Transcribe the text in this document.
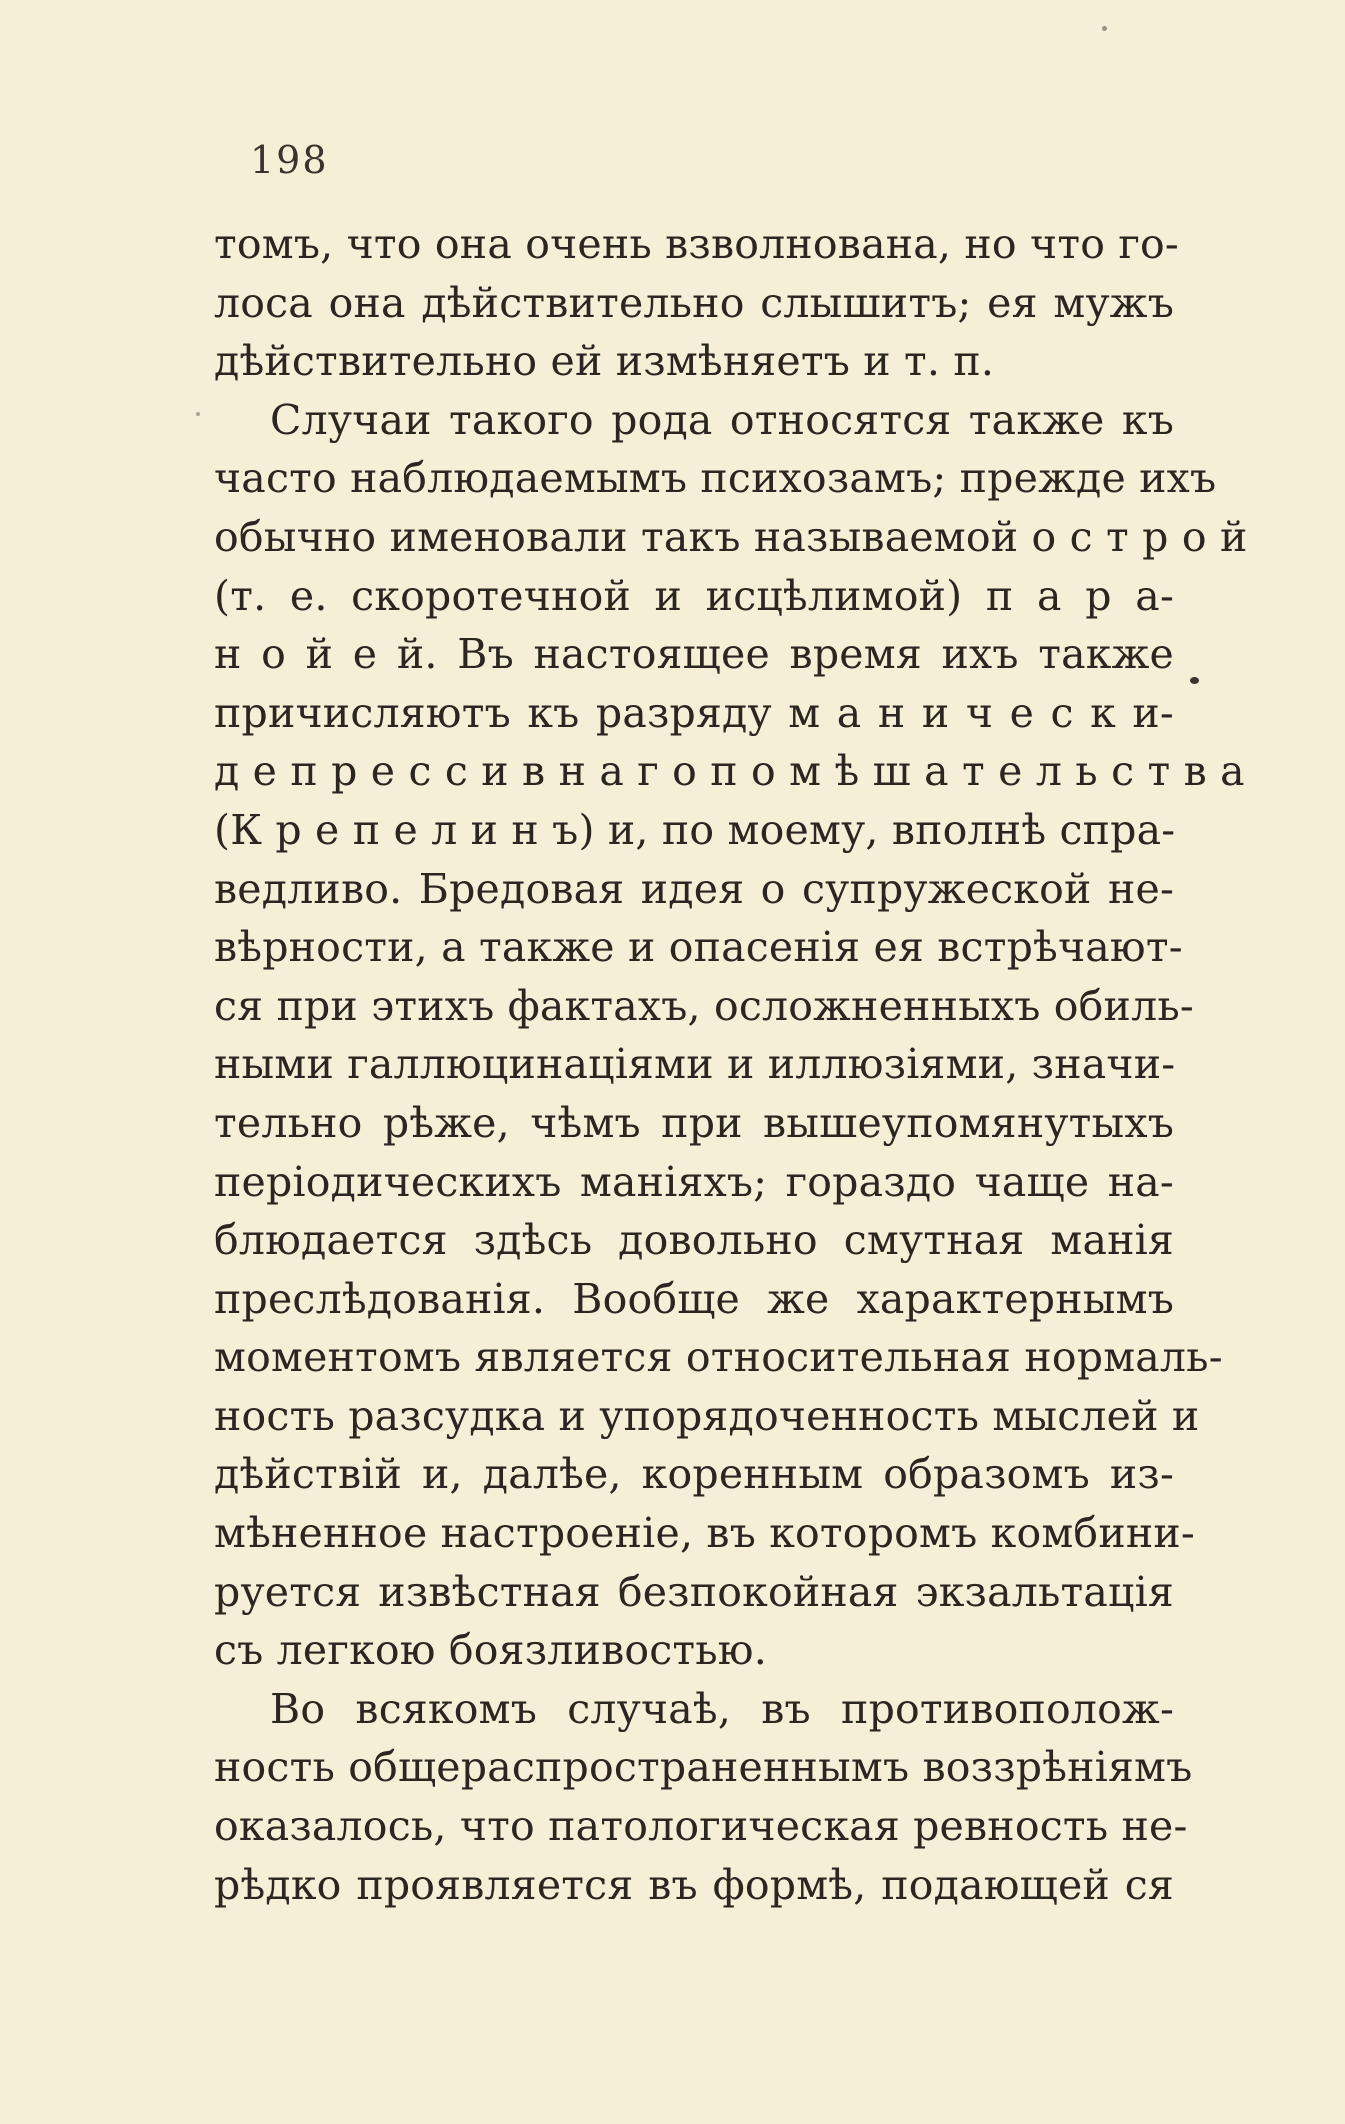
198
томъ, что она очень взволнована, но что го-
лоса она дѣйствительно слышитъ; ея мужъ
дѣйствительно ей измѣняетъ и т. п.
Случаи такого рода относятся также къ
часто наблюдаемымъ психозамъ; прежде ихъ
обычно именовали такъ называемой о с т р о й
(т. е. скоротечной и исцѣлимой) п а р а-
н о й е й. Въ настоящее время ихъ также
причисляютъ къ разряду м а н и ч е с к и-
д е п р е с с и в н а г о п о м ѣ ш а т е л ь с т в а
(К р е п е л и н ъ) и, по моему, вполнѣ спра-
ведливо. Бредовая идея о супружеской не-
вѣрности, а также и опасенія ея встрѣчают-
ся при этихъ фактахъ, осложненныхъ обиль-
ными галлюцинаціями и иллюзіями, значи-
тельно рѣже, чѣмъ при вышеупомянутыхъ
періодическихъ маніяхъ; гораздо чаще на-
блюдается здѣсь довольно смутная манія
преслѣдованія. Вообще же характернымъ
моментомъ является относительная нормаль-
ность разсудка и упорядоченность мыслей и
дѣйствій и, далѣе, коренным образомъ из-
мѣненное настроеніе, въ которомъ комбини-
руется извѣстная безпокойная экзальтація
съ легкою боязливостью.
Во всякомъ случаѣ, въ противополож-
ность общераспространеннымъ воззрѣніямъ
оказалось, что патологическая ревность не-
рѣдко проявляется въ формѣ, подающей ся
